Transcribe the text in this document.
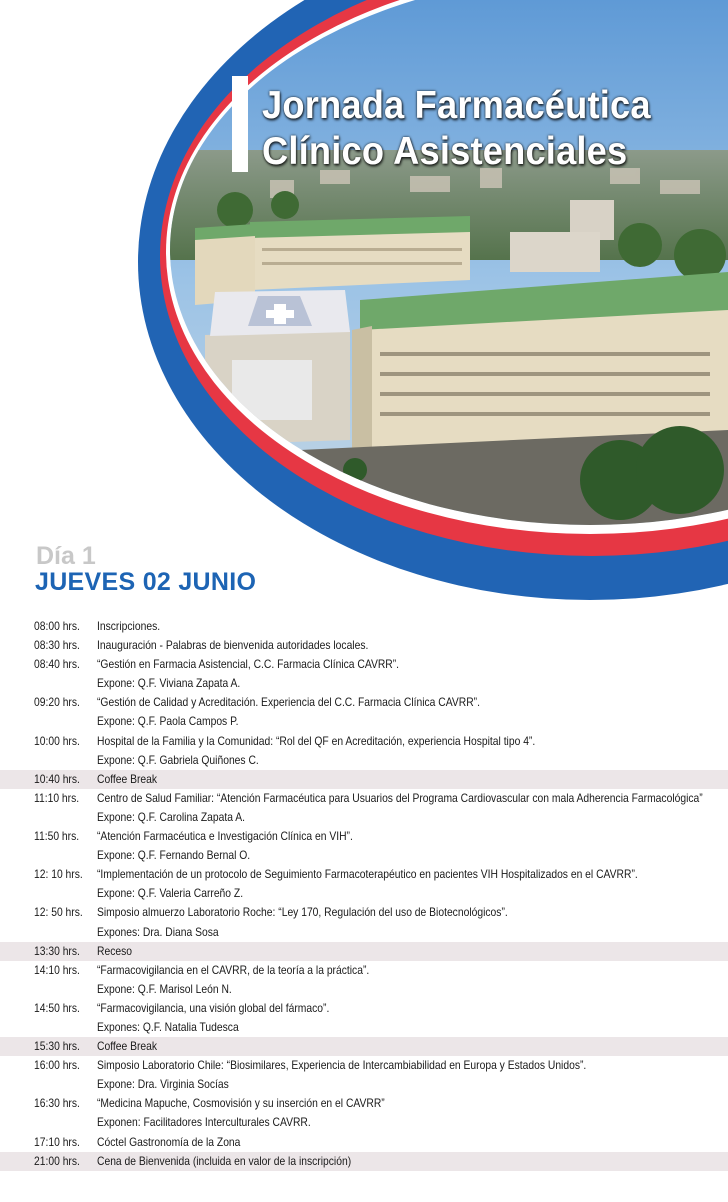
Jornada Farmacéutica
Clínico Asistenciales
Día 1
JUEVES 02 JUNIO
08:00 hrs. Inscripciones.
08:30 hrs. Inauguración - Palabras de bienvenida autoridades locales.
08:40 hrs. “Gestión en Farmacia Asistencial, C.C. Farmacia Clínica CAVRR”.
Expone: Q.F. Viviana Zapata A.
09:20 hrs. “Gestión de Calidad y Acreditación. Experiencia del C.C. Farmacia Clínica CAVRR”.
Expone: Q.F. Paola Campos P.
10:00 hrs. Hospital de la Familia y la Comunidad: “Rol del QF en Acreditación, experiencia Hospital tipo 4”.
Expone: Q.F. Gabriela Quiñones C.
10:40 hrs. Coffee Break
11:10 hrs. Centro de Salud Familiar: “Atención Farmacéutica para Usuarios del Programa Cardiovascular con mala Adherencia Farmacológica”
Expone: Q.F. Carolina Zapata A.
11:50 hrs. “Atención Farmacéutica e Investigación Clínica en VIH”.
Expone: Q.F. Fernando Bernal O.
12: 10 hrs. “Implementación de un protocolo de Seguimiento Farmacoterapéutico en pacientes VIH Hospitalizados en el CAVRR”.
Expone: Q.F. Valeria Carreño Z.
12: 50 hrs. Simposio almuerzo Laboratorio Roche: “Ley 170, Regulación del uso de Biotecnológicos”.
Expones: Dra. Diana Sosa
13:30 hrs. Receso
14:10 hrs. “Farmacovigilancia en el CAVRR, de la teoría a la práctica”.
Expone: Q.F. Marisol León N.
14:50 hrs. “Farmacovigilancia, una visión global del fármaco”.
Expones: Q.F. Natalia Tudesca
15:30 hrs. Coffee Break
16:00 hrs. Simposio Laboratorio Chile: “Biosimilares, Experiencia de Intercambiabilidad en Europa y Estados Unidos”.
Expone: Dra. Virginia Socías
16:30 hrs. “Medicina Mapuche, Cosmovisión y su inserción en el CAVRR”
Exponen: Facilitadores Interculturales CAVRR.
17:10 hrs. Cóctel Gastronomía de la Zona
21:00 hrs. Cena de Bienvenida (incluida en valor de la inscripción)
